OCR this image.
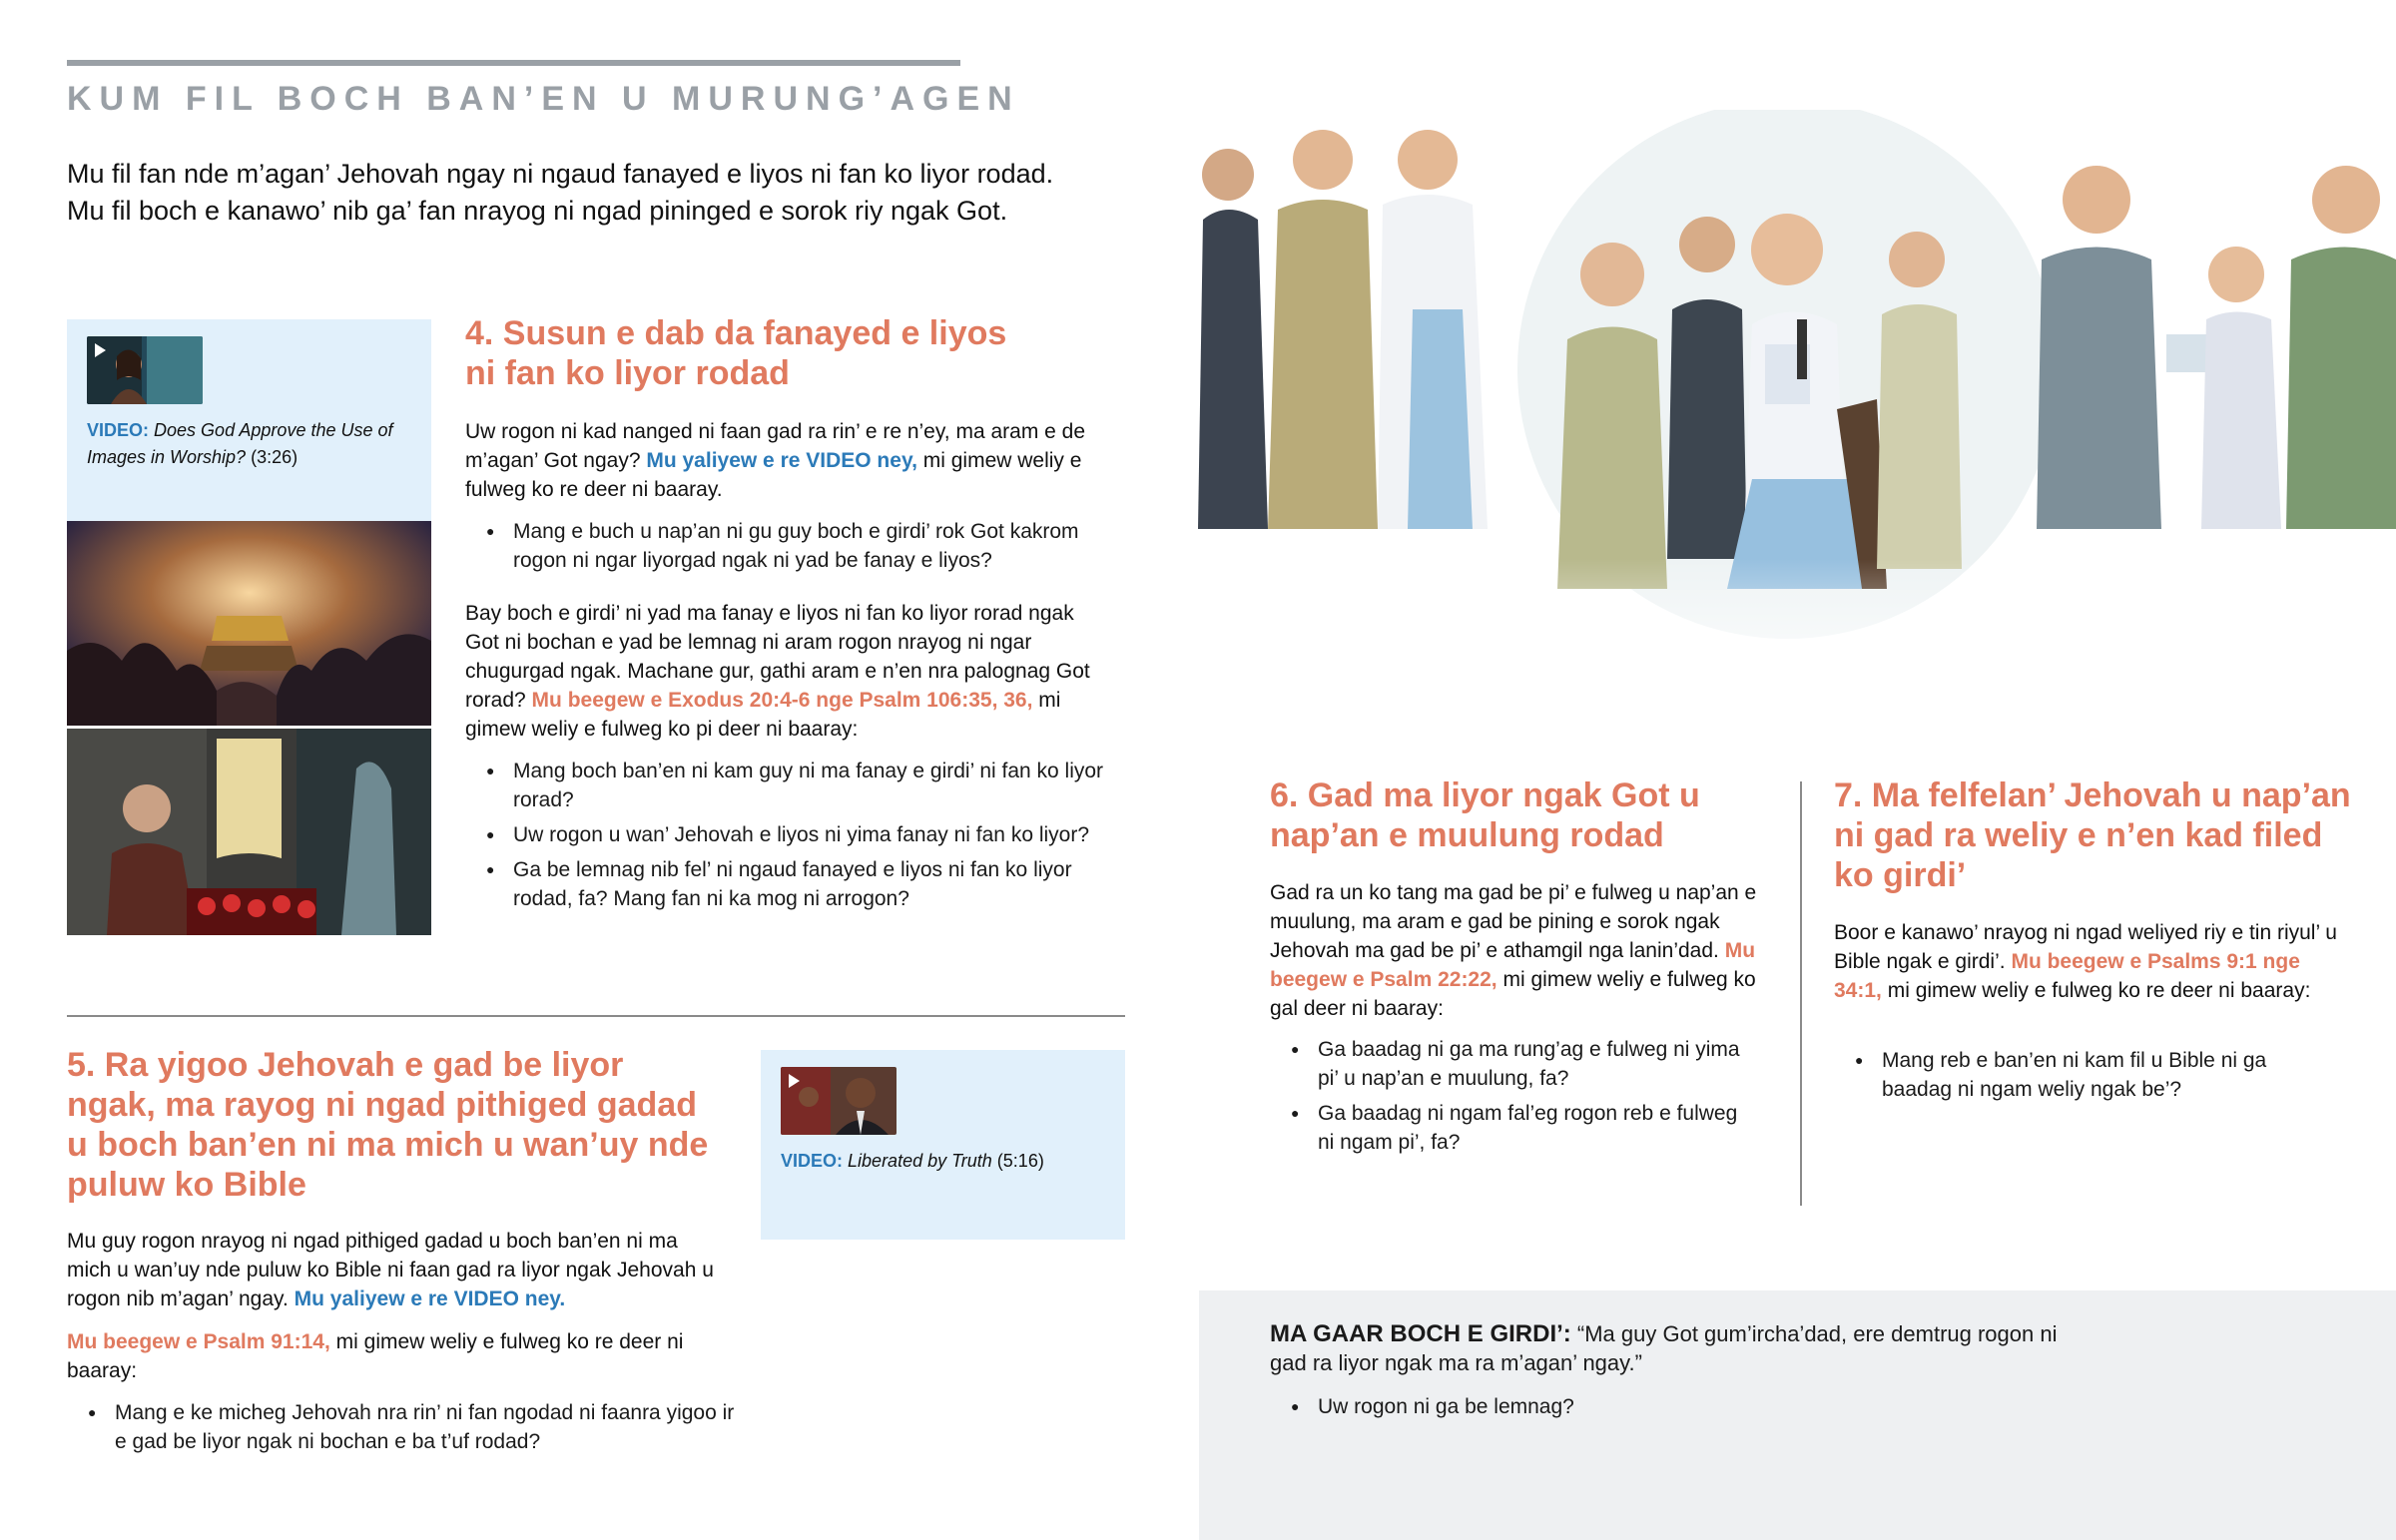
KUM FIL BOCH BAN’EN U MURUNG’AGEN
Mu fil fan nde m’agan’ Jehovah ngay ni ngaud fanayed e liyos ni fan ko liyor rodad.
Mu fil boch e kanawo’ nib ga’ fan nrayog ni ngad pininged e sorok riy ngak Got.
VIDEO: Does God Approve the Use of Images in Worship? (3:26)
4. Susun e dab da fanayed e liyos
ni fan ko liyor rodad
Uw rogon ni kad nanged ni faan gad ra rin’ e re n’ey, ma aram e de m’agan’ Got ngay? Mu yaliyew e re VIDEO ney, mi gimew weliy e fulweg ko re deer ni baaray.
● Mang e buch u nap’an ni gu guy boch e girdi’ rok Got kakrom rogon ni ngar liyorgad ngak ni yad be fanay e liyos?
Bay boch e girdi’ ni yad ma fanay e liyos ni fan ko liyor rorad ngak Got ni bochan e yad be lemnag ni aram rogon nrayog ni ngar chugurgad ngak. Machane gur, gathi aram e n’en nra palognag Got rorad? Mu beegew e Exodus 20:4-6 nge Psalm 106:35, 36, mi gimew weliy e fulweg ko pi deer ni baaray:
● Mang boch ban’en ni kam guy ni ma fanay e girdi’ ni fan ko liyor rorad?
● Uw rogon u wan’ Jehovah e liyos ni yima fanay ni fan ko liyor?
● Ga be lemnag nib fel’ ni ngaud fanayed e liyos ni fan ko liyor rodad, fa? Mang fan ni ka mog ni arrogon?
5. Ra yigoo Jehovah e gad be liyor
ngak, ma rayog ni ngad pithiged gadad
u boch ban’en ni ma mich u wan’uy nde
puluw ko Bible
Mu guy rogon nrayog ni ngad pithiged gadad u boch ban’en ni ma mich u wan’uy nde puluw ko Bible ni faan gad ra liyor ngak Jehovah u rogon nib m’agan’ ngay. Mu yaliyew e re VIDEO ney.
Mu beegew e Psalm 91:14, mi gimew weliy e fulweg ko re deer ni baaray:
● Mang e ke micheg Jehovah nra rin’ ni fan ngodad ni faanra yigoo ir e gad be liyor ngak ni bochan e ba t’uf rodad?
VIDEO: Liberated by Truth (5:16)
6. Gad ma liyor ngak Got u
nap’an e muulung rodad
Gad ra un ko tang ma gad be pi’ e fulweg u nap’an e muulung, ma aram e gad be pining e sorok ngak Jehovah ma gad be pi’ e athamgil nga lanin’dad. Mu beegew e Psalm 22:22, mi gimew weliy e fulweg ko gal deer ni baaray:
● Ga baadag ni ga ma rung’ag e fulweg ni yima pi’ u nap’an e muulung, fa?
● Ga baadag ni ngam fal’eg rogon reb e fulweg ni ngam pi’, fa?
7. Ma felfelan’ Jehovah u nap’an
ni gad ra weliy e n’en kad filed
ko girdi’
Boor e kanawo’ nrayog ni ngad weliyed riy e tin riyul’ u Bible ngak e girdi’. Mu beegew e Psalms 9:1 nge 34:1, mi gimew weliy e fulweg ko re deer ni baaray:
● Mang reb e ban’en ni kam fil u Bible ni ga baadag ni ngam weliy ngak be’?
MA GAAR BOCH E GIRDI’: “Ma guy Got gum’ircha’dad, ere demtrug rogon ni gad ra liyor ngak ma ra m’agan’ ngay.”
● Uw rogon ni ga be lemnag?
